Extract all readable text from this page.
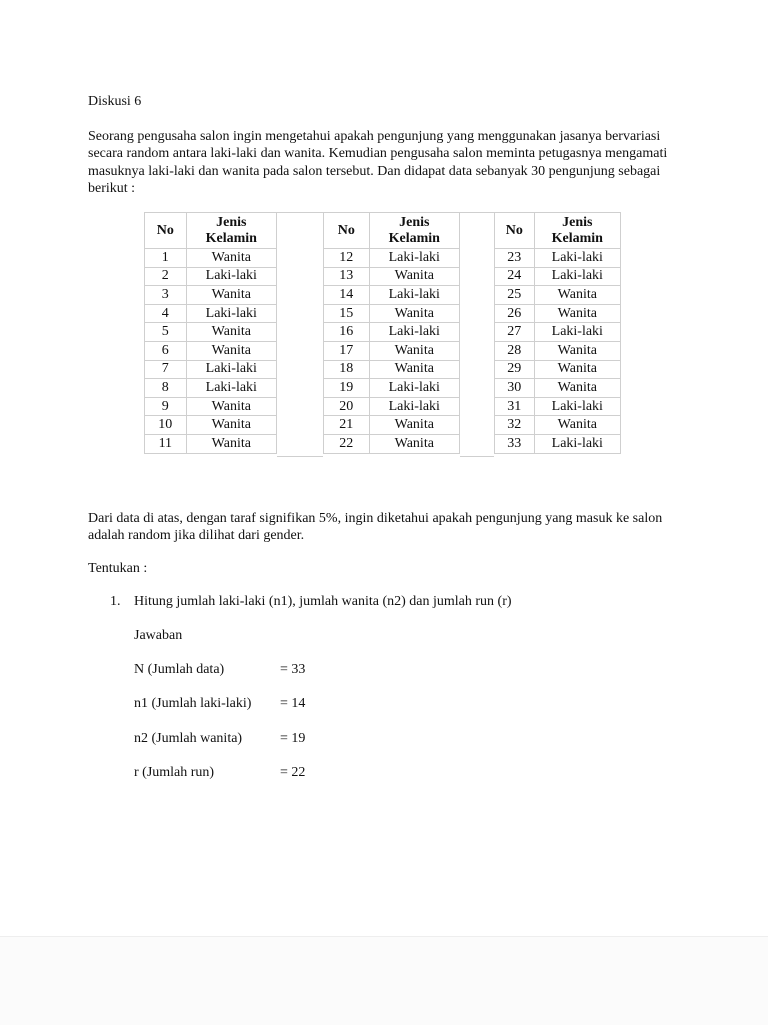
Diskusi 6
Seorang pengusaha salon ingin mengetahui apakah pengunjung yang menggunakan jasanya bervariasi secara random antara laki-laki dan wanita. Kemudian pengusaha salon meminta petugasnya mengamati masuknya laki-laki dan wanita pada salon tersebut. Dan didapat data sebanyak 30 pengunjung sebagai berikut :
No	Jenis
Kelamin
1	Wanita
2	Laki-laki
3	Wanita
4	Laki-laki
5	Wanita
6	Wanita
7	Laki-laki
8	Laki-laki
9	Wanita
10	Wanita
11	Wanita
No	Jenis
Kelamin
12	Laki-laki
13	Wanita
14	Laki-laki
15	Wanita
16	Laki-laki
17	Wanita
18	Wanita
19	Laki-laki
20	Laki-laki
21	Wanita
22	Wanita
No	Jenis
Kelamin
23	Laki-laki
24	Laki-laki
25	Wanita
26	Wanita
27	Laki-laki
28	Wanita
29	Wanita
30	Wanita
31	Laki-laki
32	Wanita
33	Laki-laki
Dari data di atas, dengan taraf signifikan 5%, ingin diketahui apakah pengunjung yang masuk ke salon adalah random jika dilihat dari gender.
Tentukan :
1. Hitung jumlah laki-laki (n1), jumlah wanita (n2) dan jumlah run (r)
Jawaban
N (Jumlah data)	= 33
n1 (Jumlah laki-laki) = 14
n2 (Jumlah wanita)	= 19
r (Jumlah run)	= 22
